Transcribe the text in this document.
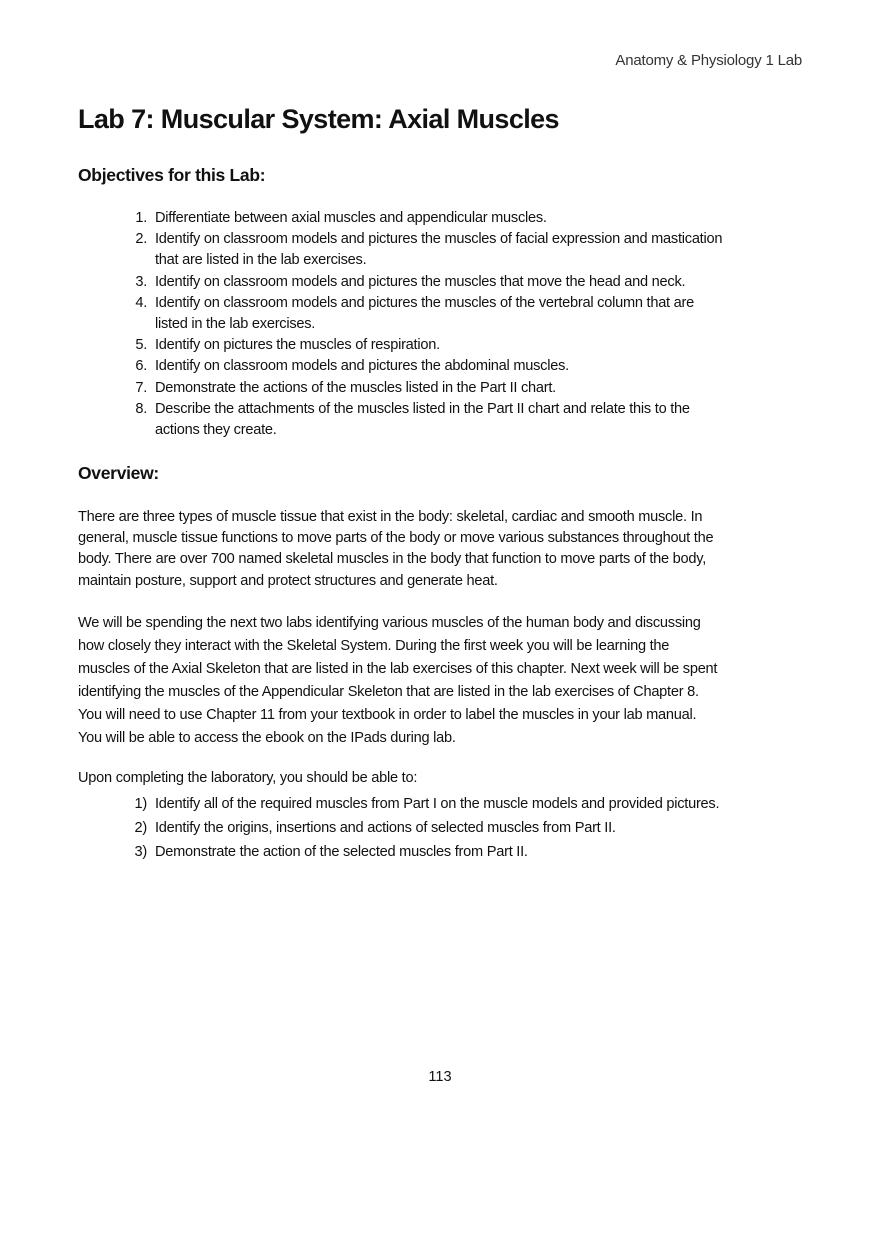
Anatomy & Physiology 1 Lab
Lab 7: Muscular System: Axial Muscles
Objectives for this Lab:
1. Differentiate between axial muscles and appendicular muscles.
2. Identify on classroom models and pictures the muscles of facial expression and mastication
that are listed in the lab exercises.
3. Identify on classroom models and pictures the muscles that move the head and neck.
4. Identify on classroom models and pictures the muscles of the vertebral column that are
listed in the lab exercises.
5. Identify on pictures the muscles of respiration.
6. Identify on classroom models and pictures the abdominal muscles.
7. Demonstrate the actions of the muscles listed in the Part II chart.
8. Describe the attachments of the muscles listed in the Part II chart and relate this to the
actions they create.
Overview:
There are three types of muscle tissue that exist in the body: skeletal, cardiac and smooth muscle. In
general, muscle tissue functions to move parts of the body or move various substances throughout the
body. There are over 700 named skeletal muscles in the body that function to move parts of the body,
maintain posture, support and protect structures and generate heat.
We will be spending the next two labs identifying various muscles of the human body and discussing
how closely they interact with the Skeletal System. During the first week you will be learning the
muscles of the Axial Skeleton that are listed in the lab exercises of this chapter. Next week will be spent
identifying the muscles of the Appendicular Skeleton that are listed in the lab exercises of Chapter 8.
You will need to use Chapter 11 from your textbook in order to label the muscles in your lab manual.
You will be able to access the ebook on the IPads during lab.
Upon completing the laboratory, you should be able to:
1) Identify all of the required muscles from Part I on the muscle models and provided pictures.
2) Identify the origins, insertions and actions of selected muscles from Part II.
3) Demonstrate the action of the selected muscles from Part II.
113
